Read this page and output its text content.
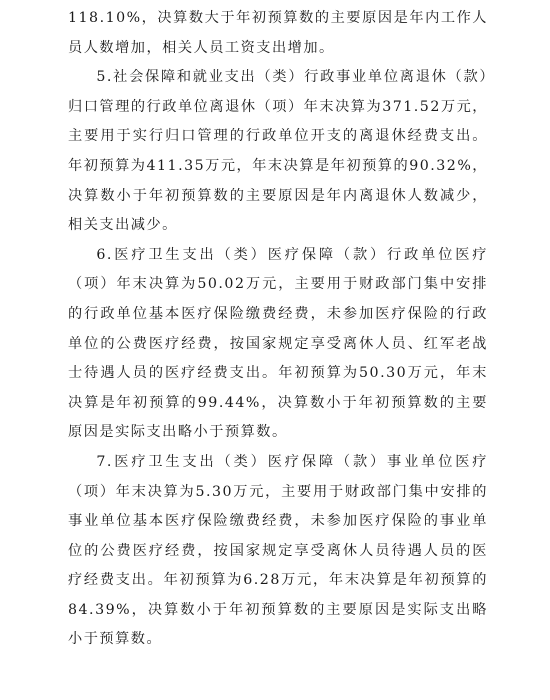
118.10%，决算数大于年初预算数的主要原因是年内工作人员人数增加，相关人员工资支出增加。

5.社会保障和就业支出（类）行政事业单位离退休（款）归口管理的行政单位离退休（项）年末决算为371.52万元，主要用于实行归口管理的行政单位开支的离退休经费支出。年初预算为411.35万元，年末决算是年初预算的90.32%，决算数小于年初预算数的主要原因是年内离退休人数减少，相关支出减少。

6.医疗卫生支出（类）医疗保障（款）行政单位医疗（项）年末决算为50.02万元，主要用于财政部门集中安排的行政单位基本医疗保险缴费经费，未参加医疗保险的行政单位的公费医疗经费，按国家规定享受离休人员、红军老战士待遇人员的医疗经费支出。年初预算为50.30万元，年末决算是年初预算的99.44%，决算数小于年初预算数的主要原因是实际支出略小于预算数。

7.医疗卫生支出（类）医疗保障（款）事业单位医疗（项）年末决算为5.30万元，主要用于财政部门集中安排的事业单位基本医疗保险缴费经费，未参加医疗保险的事业单位的公费医疗经费，按国家规定享受离休人员待遇人员的医疗经费支出。年初预算为6.28万元，年末决算是年初预算的84.39%，决算数小于年初预算数的主要原因是实际支出略小于预算数。
